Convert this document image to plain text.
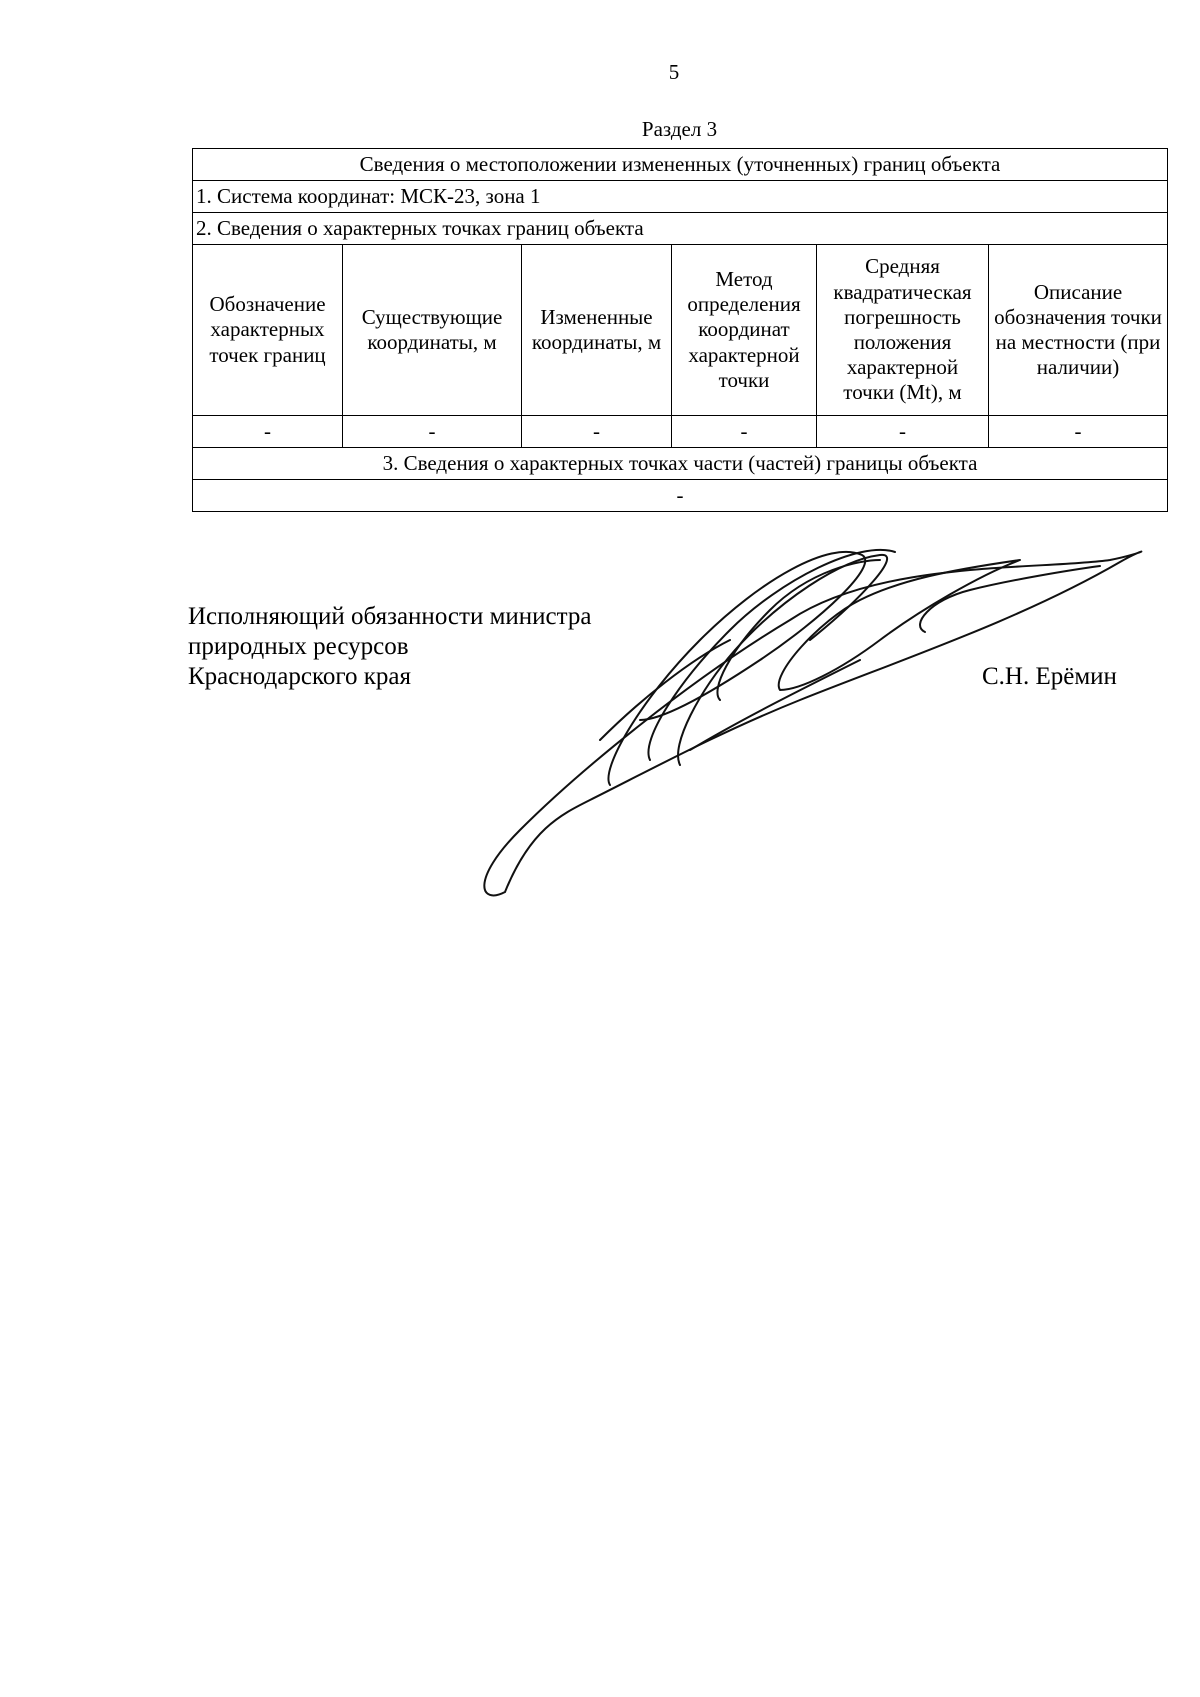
5
Раздел 3
Сведения о местоположении измененных (уточненных) границ объекта					
1. Система координат: МСК-23, зона 1					
2. Сведения о характерных точках границ объекта					
Обозначение характерных точек границ	Существующие координаты, м	Измененные координаты, м	Метод определения координат характерной точки	Средняя квадратическая погрешность положения характерной точки (Mt), м	Описание обозначения точки на местности (при наличии)
-	-	-	-	-	-
3. Сведения о характерных точках части (частей) границы объекта					
-					
Исполняющий обязанности министра
природных ресурсов
Краснодарского края	С.Н. Ерёмин
